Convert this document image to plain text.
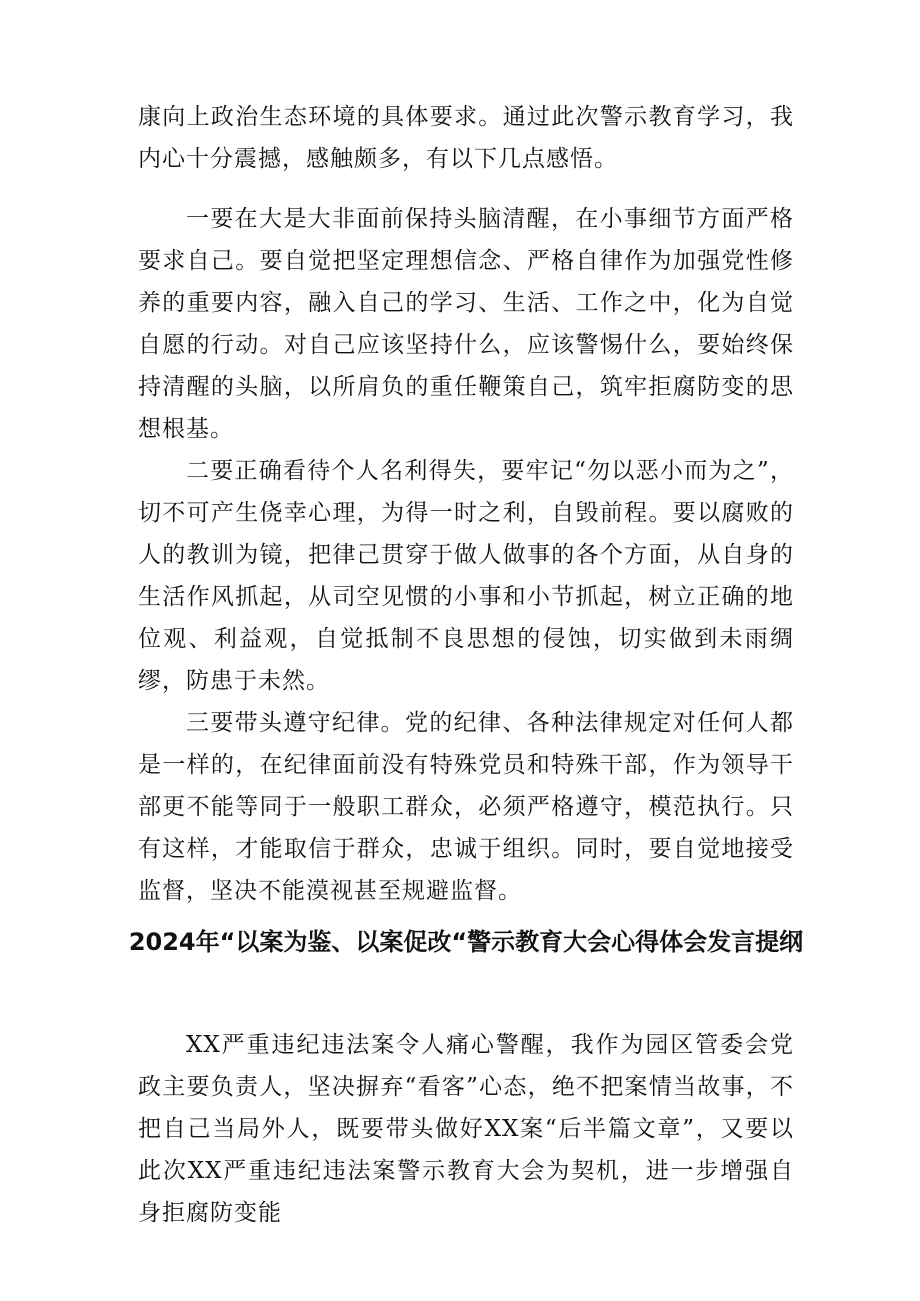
康向上政治生态环境的具体要求。通过此次警示教育学习，我内心十分震撼，感触颇多，有以下几点感悟。

一要在大是大非面前保持头脑清醒，在小事细节方面严格要求自己。要自觉把坚定理想信念、严格自律作为加强党性修养的重要内容，融入自己的学习、生活、工作之中，化为自觉自愿的行动。对自己应该坚持什么，应该警惕什么，要始终保持清醒的头脑，以所肩负的重任鞭策自己，筑牢拒腐防变的思想根基。

二要正确看待个人名利得失，要牢记“勿以恶小而为之”，切不可产生侥幸心理，为得一时之利，自毁前程。要以腐败的人的教训为镜，把律己贯穿于做人做事的各个方面，从自身的生活作风抓起，从司空见惯的小事和小节抓起，树立正确的地位观、利益观，自觉抵制不良思想的侵蚀，切实做到未雨绸缪，防患于未然。

三要带头遵守纪律。党的纪律、各种法律规定对任何人都是一样的，在纪律面前没有特殊党员和特殊干部，作为领导干部更不能等同于一般职工群众，必须严格遵守，模范执行。只有这样，才能取信于群众，忠诚于组织。同时，要自觉地接受监督，坚决不能漠视甚至规避监督。

2024年“以案为鉴、以案促改“警示教育大会心得体会发言提纲

XX严重违纪违法案令人痛心警醒，我作为园区管委会党政主要负责人，坚决摒弃“看客”心态，绝不把案情当故事，不把自己当局外人，既要带头做好XX案“后半篇文章”，又要以此次XX严重违纪违法案警示教育大会为契机，进一步增强自身拒腐防变能
